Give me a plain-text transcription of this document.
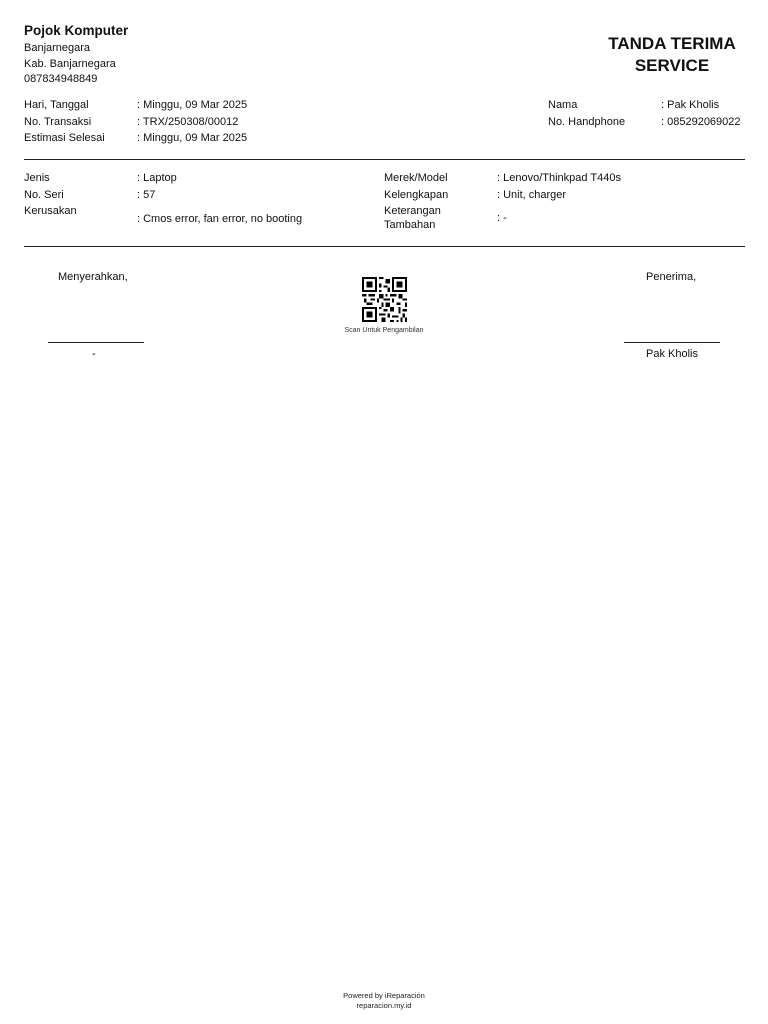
Pojok Komputer
Banjarnegara
Kab. Banjarnegara
087834948849
TANDA TERIMA
SERVICE
Hari, Tanggal	: Minggu, 09 Mar 2025
No. Transaksi	: TRX/250308/00012
Estimasi Selesai	: Minggu, 09 Mar 2025
Nama	: Pak Kholis
No. Handphone	: 085292069022
Jenis	: Laptop
No. Seri	: 57
Kerusakan
: Cmos error, fan error, no booting
Merek/Model	: Lenovo/Thinkpad T440s
Kelengkapan	: Unit, charger
Keterangan
Tambahan
: -
Menyerahkan,
-
Penerima,
Pak Kholis
Scan Untuk Pengambilan
Powered by iReparación
reparacion.my.id
